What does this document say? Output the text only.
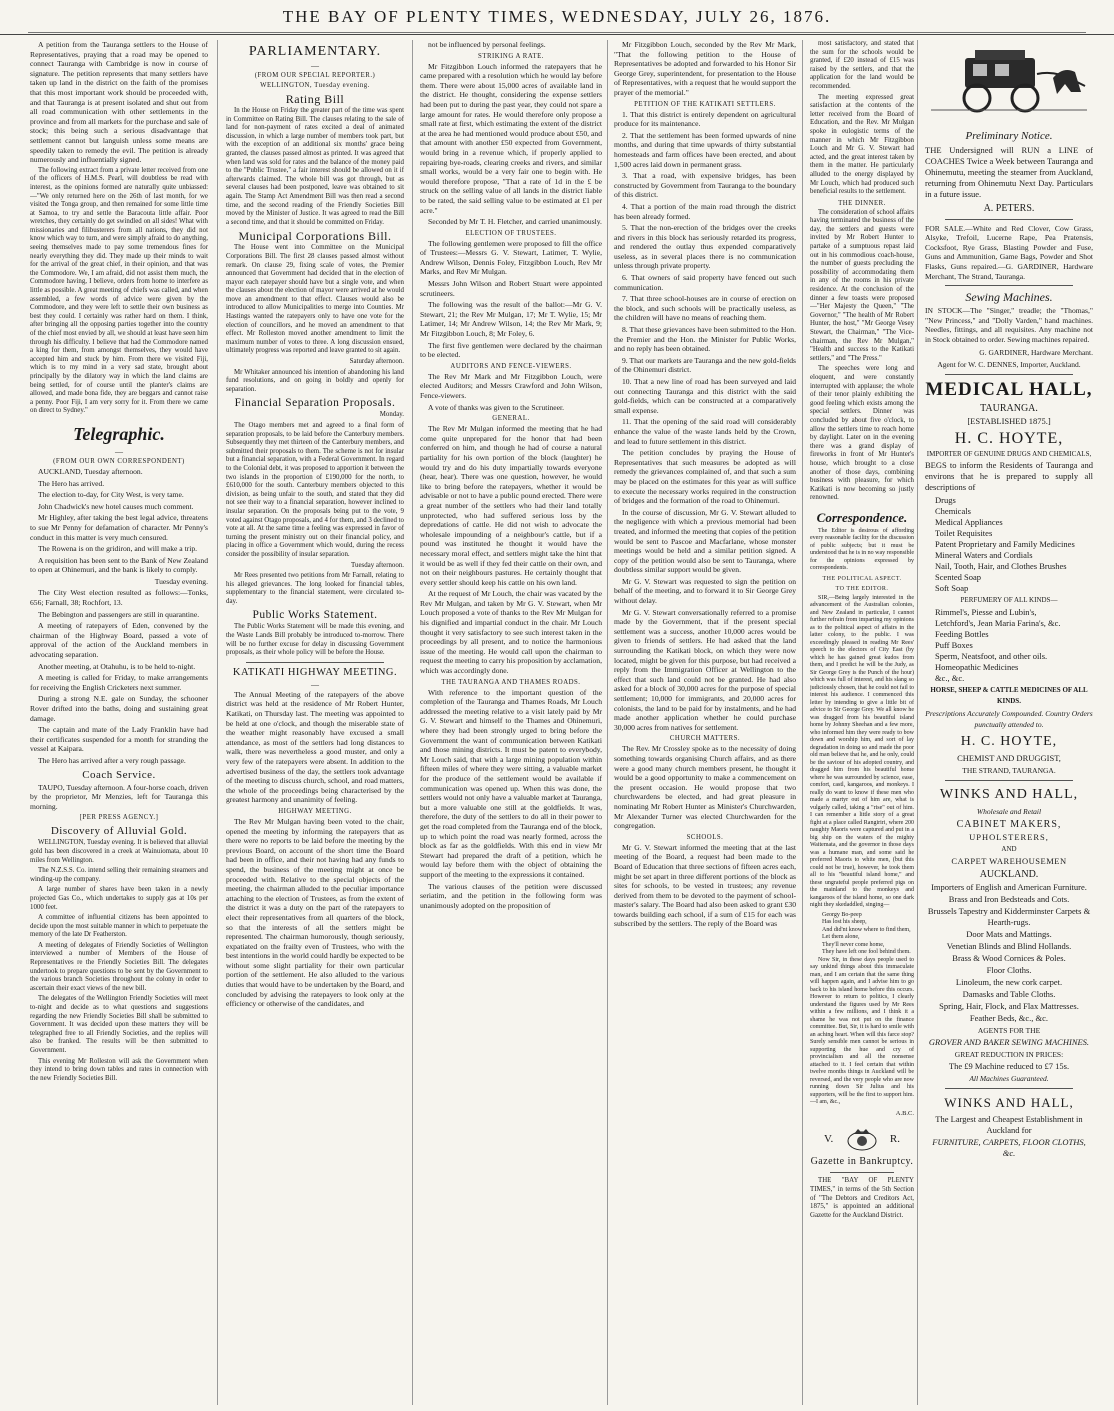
THE BAY OF PLENTY TIMES, WEDNESDAY, JULY 26, 1876.

A petition from the Tauranga settlers to the House of Representatives, praying that a road may be opened to connect Tauranga with Cambridge is now in course of signature. The petition represents that many settlers have taken up land in the district on the faith of the promises that this most important work should be proceeded with, and that Tauranga is at present isolated and shut out from all road communication with other settlements in the province and from all markets for the purchase and sale of stock; this being such a serious disadvantage that settlement cannot but languish unless some means are speedily taken to remedy the evil. The petition is already numerously and influentially signed.

The following extract from a private letter received from one of the officers of H.M.S. Pearl, will doubtless be read with interest, as the opinions formed are naturally quite unbiassed:—"We only returned here on the 26th of last month, for we visited the Tonga group, and then remained for some little time at Samoa, to try and settle the Baracouta little affair. Poor wretches, they certainly do get swindled on all sides! What with missionaries and filibusterers from all nations, they did not know which way to turn, and were simply afraid to do anything, seeing themselves made to pay some tremendous fines for nearly everything they did. They made up their minds to wait for the arrival of the great chief, in their opinion, and that was the Commodore. We, I am afraid, did not assist them much, the Commodore having, I believe, orders from home to interfere as little as possible. A great meeting of chiefs was called, and when assembled, a few words of advice were given by the Commodore, and they were left to settle their own business as best they could. I certainly was rather hard on them. I think, after bringing all the opposing parties together into the country of the chief most envied by all, we should at least have seen him through his difficulty. I believe that had the Commodore named a king for them, from amongst themselves, they would have accepted him and stuck by him. From there we visited Fiji, which is to my mind in a very sad state, brought about principally by the dilatory way in which the land claims are being settled, for of course until the planter's claims are allowed, and made bona fide, they are beggars and cannot raise a penny. Poor Fiji, I am very sorry for it. From there we came on direct to Sydney."

Telegraphic.
—
(FROM OUR OWN CORRESPONDENT)

AUCKLAND, Tuesday afternoon.

The Hero has arrived.

The election to-day, for City West, is very tame.

John Chadwick's new hotel causes much comment.

Mr Highley, after taking the best legal advice, threatens to sue Mr Penny for defamation of character. Mr Penny's conduct in this matter is very much censured.

The Rowena is on the gridiron, and will make a trip.

A requisition has been sent to the Bank of New Zealand to open at Ohinemuri, and the bank is likely to comply.

Tuesday evening.

The City West election resulted as follows:—Tonks, 656; Farnall, 38; Rochfort, 13.

The Bebington and passengers are still in quarantine.

A meeting of ratepayers of Eden, convened by the chairman of the Highway Board, passed a vote of approval of the action of the Auckland members in advocating separation.

Another meeting, at Otahuhu, is to be held to-night.

A meeting is called for Friday, to make arrangements for receiving the English Cricketers next summer.

During a strong N.E. gale on Sunday, the schooner Rover drifted into the baths, doing and sustaining great damage.

The captain and mate of the Lady Franklin have had their certificates suspended for a month for stranding the vessel at Kaipara.

The Hero has arrived after a very rough passage.

Coach Service.

TAUPO, Tuesday afternoon. A four-horse coach, driven by the proprietor, Mr Menzies, left for Tauranga this morning.

[PER PRESS AGENCY.]
Discovery of Alluvial Gold.

WELLINGTON, Tuesday evening. It is believed that alluvial gold has been discovered in a creek at Wainuiomata, about 10 miles from Wellington.

The N.Z.S.S. Co. intend selling their remaining steamers and winding-up the company.

A large number of shares have been taken in a newly projected Gas Co., which undertakes to supply gas at 10s per 1000 feet.

A committee of influential citizens has been appointed to decide upon the most suitable manner in which to perpetuate the memory of the late Dr Featherston.

A meeting of delegates of Friendly Societies of Wellington interviewed a number of Members of the House of Representatives re the Friendly Societies Bill. The delegates undertook to prepare questions to be sent by the Government to the various branch Societies throughout the colony in order to ascertain their exact views of the new bill.

The delegates of the Wellington Friendly Societies will meet to-night and decide as to what questions and suggestions regarding the new Friendly Societies Bill shall be submitted to Government. It was decided upon these matters they will be telegraphed free to all Friendly Societies, and the replies will also be franked. The results will be then submitted to Government.

This evening Mr Rolleston will ask the Government when they intend to bring down tables and rates in connection with the new Friendly Societies Bill.

PARLIAMENTARY.
—
(FROM OUR SPECIAL REPORTER.)
WELLINGTON, Tuesday evening.
Rating Bill

In the House on Friday the greater part of the time was spent in Committee on Rating Bill. The clauses relating to the sale of land for non-payment of rates excited a deal of animated discussion, in which a large number of members took part, but with the exception of an additional six months' grace being granted, the clauses passed almost as printed. It was agreed that when land was sold for rates and the balance of the money paid to the "Public Trustee," a fair interest should be allowed on it if afterwards claimed. The whole bill was got through, but as several clauses had been postponed, leave was obtained to sit again. The Stamp Act Amendment Bill was then read a second time, and the second reading of the Friendly Societies Bill moved by the Minister of Justice. It was agreed to read the Bill a second time, and that it should be committed on Friday.

Municipal Corporations Bill.

The House went into Committee on the Municipal Corporations Bill. The first 28 clauses passed almost without remark. On clause 29, fixing scale of votes, the Premier announced that Government had decided that in the election of mayor each ratepayer should have but a single vote, and when the clauses about the election of mayor were arrived at he would move an amendment to that effect. Clauses would also be introduced to allow Municipalities to merge into Counties. Mr Hastings wanted the ratepayers only to have one vote for the election of councillors, and he moved an amendment to that effect. Mr Rolleston moved another amendment to limit the maximum number of votes to three. A long discussion ensued, ultimately progress was reported and leave granted to sit again.

Saturday afternoon.

Mr Whitaker announced his intention of abandoning his land fund resolutions, and on going in boldly and openly for separation.

Financial Separation Proposals.

Monday.

The Otago members met and agreed to a final form of separation proposals, to be laid before the Canterbury members. Subsequently they met thirteen of the Canterbury members, and submitted their proposals to them. The scheme is not for insular but a financial separation, with a Federal Government. In regard to the Colonial debt, it was proposed to apportion it between the two islands in the proportion of £190,000 for the north, to £610,000 for the south. Canterbury members objected to this division, as being unfair to the south, and stated that they did not see their way to a financial separation, however inclined to insular separation. On the proposals being put to the vote, 9 voted against Otago proposals, and 4 for them, and 3 declined to vote at all. At the same time a feeling was expressed in favor of turning the present ministry out on their financial policy, and placing in office a Government which would, during the recess consider the possibility of insular separation.

Tuesday afternoon.

Mr Rees presented two petitions from Mr Farnall, relating to his alleged grievances. The long looked for financial tables, supplementary to the financial statement, were circulated to-day.

Public Works Statement.

The Public Works Statement will be made this evening, and the Waste Lands Bill probably be introduced to-morrow. There will be no further excuse for delay in discussing Government proposals, as their whole policy will be before the House.

KATIKATI HIGHWAY MEETING.
—

The Annual Meeting of the ratepayers of the above district was held at the residence of Mr Robert Hunter, Katikati, on Thursday last. The meeting was appointed to be held at one o'clock, and though the miserable state of the weather might reasonably have excused a small attendance, as most of the settlers had long distances to walk, there was nevertheless a good muster, and only a very few of the ratepayers were absent. In addition to the advertised business of the day, the settlers took advantage of the meeting to discuss church, school, and road matters, the whole of the proceedings being characterised by the greatest harmony and unanimity of feeling.

HIGHWAY MEETING.

The Rev Mr Mulgan having been voted to the chair, opened the meeting by informing the ratepayers that as there were no reports to be laid before the meeting by the previous Board, on account of the short time the Board had been in office, and their not having had any funds to spend, the business of the meeting might at once be proceeded with. Relative to the special objects of the meeting, the chairman alluded to the peculiar importance attaching to the election of Trustees, as from the extent of the district it was a duty on the part of the ratepayers to elect their representatives from all quarters of the block, so that the interests of all the settlers might be represented. The chairman humorously, though seriously, expatiated on the frailty even of Trustees, who with the best intentions in the world could hardly be expected to be without some slight partiality for their own particular portion of the settlement. He also alluded to the various duties that would have to be undertaken by the Board, and concluded by advising the ratepayers to look only at the efficiency or otherwise of the candidates, and

not be influenced by personal feelings.

STRIKING A RATE.

Mr Fitzgibbon Louch informed the ratepayers that he came prepared with a resolution which he would lay before them. There were about 15,000 acres of available land in the district. He thought, considering the expense settlers had been put to during the past year, they could not spare a large amount for rates. He would therefore only propose a small rate at first, which estimating the extent of the district at the area he had mentioned would produce about £50, and that amount with another £50 expected from Government, would bring in a revenue which, if properly applied to repairing bye-roads, clearing creeks and rivers, and similar small works, would be a very fair one to begin with. He would therefore propose, "That a rate of 1d in the £ be struck on the selling value of all lands in the district liable to be rated, the said selling value to be estimated at £1 per acre."

Seconded by Mr T. H. Fletcher, and carried unanimously.

ELECTION OF TRUSTEES.

The following gentlemen were proposed to fill the office of Trustees:—Messrs G. V. Stewart, Latimer, T. Wylie, Andrew Wilson, Dennis Foley, Fitzgibbon Louch, Rev Mr Marks, and Rev Mr Mulgan.

Messrs John Wilson and Robert Stuart were appointed scrutineers.

The following was the result of the ballot:—Mr G. V. Stewart, 21; the Rev Mr Mulgan, 17; Mr T. Wylie, 15; Mr Latimer, 14; Mr Andrew Wilson, 14; the Rev Mr Mark, 9; Mr Fitzgibbon Louch, 8; Mr Foley, 6.

The first five gentlemen were declared by the chairman to be elected.

AUDITORS AND FENCE-VIEWERS.

The Rev Mr Mark and Mr Fitzgibbon Louch, were elected Auditors; and Messrs Crawford and John Wilson, Fence-viewers.

A vote of thanks was given to the Scrutineer.

GENERAL.

The Rev Mr Mulgan informed the meeting that he had come quite unprepared for the honor that had been conferred on him, and though he had of course a natural partiality for his own portion of the block (laughter) he would try and do his duty impartially towards everyone (hear, hear). There was one question, however, he would like to bring before the ratepayers, whether it would be advisable or not to have a public pound erected. There were a great number of the settlers who had their land totally unprotected, who had suffered serious loss by the depredations of cattle. He did not wish to advocate the wholesale impounding of a neighbour's cattle, but if a pound was instituted he thought it would have the necessary moral effect, and settlers might take the hint that it would be as well if they fed their cattle on their own, and not on their neighbours pastures. He certainly thought that every settler should keep his cattle on his own land.

At the request of Mr Louch, the chair was vacated by the Rev Mr Mulgan, and taken by Mr G. V. Stewart, when Mr Louch proposed a vote of thanks to the Rev Mr Mulgan for his dignified and impartial conduct in the chair. Mr Louch thought it very satisfactory to see such interest taken in the proceedings by all present, and to notice the harmonious issue of the meeting. He would call upon the chairman to request the meeting to carry his proposition by acclamation, which was accordingly done.

THE TAURANGA AND THAMES ROADS.

With reference to the important question of the completion of the Tauranga and Thames Roads, Mr Louch addressed the meeting relative to a visit lately paid by Mr G. V. Stewart and himself to the Thames and Ohinemuri, where they had been strongly urged to bring before the Government the want of communication between Katikati and those mining districts. It must be patent to everybody, Mr Louch said, that with a large mining population within fifteen miles of where they were sitting, a valuable market for the produce of the settlement would be available if communication was opened up. When this was done, the settlers would not only have a valuable market at Tauranga, but a more valuable one still at the goldfields. It was, therefore, the duty of the settlers to do all in their power to get the road completed from the Tauranga end of the block, up to which point the road was nearly formed, across the block as far as the goldfields. With this end in view Mr Stewart had prepared the draft of a petition, which he would lay before them with the object of obtaining the support of the meeting to the expressions it contained.

The various clauses of the petition were discussed seriatim, and the petition in the following form was unanimously adopted on the proposition of

Mr Fitzgibbon Louch, seconded by the Rev Mr Mark, "That the following petition to the House of Representatives be adopted and forwarded to his Honor Sir George Grey, superintendent, for presentation to the House of Representatives, with a request that he would support the prayer of the memorial."

PETITION OF THE KATIKATI SETTLERS.

1. That this district is entirely dependent on agricultural produce for its maintenance.

2. That the settlement has been formed upwards of nine months, and during that time upwards of thirty substantial homesteads and farm offices have been erected, and about 1,500 acres laid down in permanent grass.

3. That a road, with expensive bridges, has been constructed by Government from Tauranga to the boundary of this district.

4. That a portion of the main road through the district has been already formed.

5. That the non-erection of the bridges over the creeks and rivers in this block has seriously retarded its progress, and rendered the outlay thus expended comparatively useless, as in several places there is no communication unless through private property.

6. That owners of said property have fenced out such communication.

7. That three school-houses are in course of erection on the block, and such schools will be practically useless, as the children will have no means of reaching them.

8. That these grievances have been submitted to the Hon. the Premier and the Hon. the Minister for Public Works, and no reply has been obtained.

9. That our markets are Tauranga and the new gold-fields of the Ohinemuri district.

10. That a new line of road has been surveyed and laid out connecting Tauranga and this district with the said gold-fields, which can be constructed at a comparatively small expense.

11. That the opening of the said road will considerably enhance the value of the waste lands held by the Crown, and lead to future settlement in this district.

The petition concludes by praying the House of Representatives that such measures be adopted as will remedy the grievances complained of, and that such a sum may be placed on the estimates for this year as will suffice to execute the necessary works required in the construction of bridges and the formation of the road to Ohinemuri.

In the course of discussion, Mr G. V. Stewart alluded to the negligence with which a previous memorial had been treated, and informed the meeting that copies of the petition would be sent to Pascoe and Macfarlane, whose monster meetings would be held and a similar petition signed. A copy of the petition would also be sent to Tauranga, where doubtless similar support would be given.

Mr G. V. Stewart was requested to sign the petition on behalf of the meeting, and to forward it to Sir George Grey without delay.

Mr G. V. Stewart conversationally referred to a promise made by the Government, that if the present special settlement was a success, another 10,000 acres would be given to friends of settlers. He had asked that the land surrounding the Katikati block, on which they were now located, might be given for this purpose, but had received a reply from the Immigration Officer at Wellington to the effect that such land could not be granted. He had also asked for a block of 30,000 acres for the purpose of special settlement; 10,000 for immigrants, and 20,000 acres for colonists, the land to be paid for by instalments, and he had made another application whether he could purchase 30,000 acres from natives for settlement.

CHURCH MATTERS.

The Rev. Mr Crossley spoke as to the necessity of doing something towards organising Church affairs, and as there were a good many church members present, he thought it would be a good opportunity to make a commencement on the present occasion. He would propose that two churchwardens be elected, and had great pleasure in nominating Mr Robert Hunter as Minister's Churchwarden, Mr Alexander Turner was elected Churchwarden for the congregation.

SCHOOLS.

Mr G. V. Stewart informed the meeting that at the last meeting of the Board, a request had been made to the Board of Education that three sections of fifteen acres each, might be set apart in three different portions of the block as sites for schools, to be vested in trustees; any revenue derived from them to be devoted to the payment of school-master's salary. The Board had also been asked to grant £30 towards building each school, if a sum of £15 for each was subscribed by the settlers. The reply of the Board was

most satisfactory, and stated that the sum for the schools would be granted, if £20 instead of £15 was raised by the settlers, and that the application for the land would be recommended.

The meeting expressed great satisfaction at the contents of the letter received from the Board of Education, and the Rev. Mr Mulgan spoke in eulogistic terms of the manner in which Mr Fitzgibbon Louch and Mr G. V. Stewart had acted, and the great interest taken by them in the matter. He particularly alluded to the energy displayed by Mr Louch, which had produced such beneficial results to the settlement.

THE DINNER.

The consideration of school affairs having terminated the business of the day, the settlers and guests were invited by Mr Robert Hunter to partake of a sumptuous repast laid out in his commodious coach-house, the number of guests precluding the possibility of accommodating them in any of the rooms in his private residence. At the conclusion of the dinner a few toasts were proposed—"Her Majesty the Queen," "The Governor," "The health of Mr Robert Hunter, the host," "Mr George Vesey Stewart, the Chairman," "The Vice-chairman, the Rev Mr Mulgan," "Health and success to the Katikati settlers," and "The Press."

The speeches were long and eloquent, and were constantly interrupted with applause; the whole of their tenor plainly exhibiting the good feeling which exists among the special settlers. Dinner was concluded by about five o'clock, to allow the settlers time to reach home by daylight. Later on in the evening there was a grand display of fireworks in front of Mr Hunter's house, which brought to a close another of those days, combining business with pleasure, for which Katikati is now becoming so justly renowned.

Correspondence.

The Editor is desirous of affording every reasonable facility for the discussion of public subjects; but it must be understood that he is in no way responsible for the opinions expressed by correspondents.

THE POLITICAL ASPECT.
TO THE EDITOR.

SIR,—Being largely interested in the advancement of the Australian colonies, and New Zealand in particular, I cannot further refrain from imparting my opinions as to the political aspect of affairs in the latter colony, to the public. I was exceedingly pleased in reading Mr Rees' speech to the electors of City East (by which he has gained great kudos from them, and I predict he will be the Judy, as Sir George Grey is the Punch of the hour) which was full of interest, and his slang so judiciously chosen, that he could not fail to interest his audience. I commenced this letter by intending to give a little bit of advice to Sir George Grey. We all know he was dragged from his beautiful island home by Johnny Sheehan and a few more, who informed him they were ready to bow down and worship him, and sort of lay degradation in doing so and made the poor old man believe that he, and he only, could be the saviour of his adopted country, and dragged him from his beautiful home where he was surrounded by science, ease, comfort, castl, kangaroos, and monkeys. I really do want to know if these men who made a martyr out of him are, what is vulgarly called, taking a "rise" out of him. I can remember a little story of a great fight at a place called Rangiriri, where 200 naughty Maoris were captured and put in a big ship on the waters of the mighty Waitemata, and the governor in those days was a humane man, and some said he preferred Maoris to white men, (but this could not be true), however, he took them all to his "beautiful island home," and these ungrateful people preferred pigs on the mainland to the monkeys and kangaroos of the island home, so one dark night they skedaddled, singing—

Georgy Bo-peep
Has lost his sheep,
And did'nt know where to find them,
Let them alone,
They'll never come home,
They have left one fool behind them.

Now Sir, in these days people used to say unkind things about this immaculate man, and I am certain that the same thing will happen again, and I advise him to go back to his island home before this occurs. However to return to politics, I clearly understand the figures used by Mr Rees within a few millions, and I think it a shame he was not put on the finance committee. But, Sir, it is hard to smile with an aching heart. When will this farce stop? Surely sensible men cannot be serious in supporting the hue and cry of provincialism and all the nonsense attached to it. I feel certain that within twelve months things in Auckland will be reversed, and the very people who are now running down Sir Julius and his supporters, will be the first to support him.—I am, &c.,

A.B.C.
V.	R.
Gazette in Bankruptcy.

THE "BAY OF PLENTY TIMES," in terms of the 5th Section of "The Debtors and Creditors Act, 1875," is appointed an additional Gazette for the Auckland District.

Preliminary Notice.

THE Undersigned will RUN a LINE of COACHES Twice a Week between Tauranga and Ohinemutu, meeting the steamer from Auckland, returning from Ohinemutu Next Day. Particulars in a future issue.

A. PETERS.

FOR SALE.—White and Red Clover, Cow Grass, Alsyke, Trefoil, Lucerne Rape, Pea Pratensis, Cocksfoot, Rye Grass, Blasting Powder and Fuse, Guns and Ammunition, Game Bags, Powder and Shot Flasks, Guns repaired.—G. GARDINER, Hardware Merchant, The Strand, Tauranga.

Sewing Machines.

IN STOCK—The "Singer," treadle; the "Thomas," "New Princess," and "Dolly Varden," hand machines. Needles, fittings, and all requisites. Any machine not in Stock obtained to order. Sewing machines repaired.

G. GARDINER, Hardware Merchant.
Agent for W. C. DENNES, Importer, Auckland.
MEDICAL HALL,
TAURANGA.
[ESTABLISHED 1875.]
H. C. HOYTE,
IMPORTER OF GENUINE DRUGS AND CHEMICALS,

BEGS to inform the Residents of Tauranga and environs that he is prepared to supply all descriptions of

Drugs
Chemicals
Medical Appliances
Toilet Requisites
Patent Proprietary and Family Medicines
Mineral Waters and Cordials
Nail, Tooth, Hair, and Clothes Brushes
Scented Soap
Soft Soap
PERFUMERY OF ALL KINDS—
Rimmel's, Piesse and Lubin's,
Letchford's, Jean Maria Farina's, &c.
Feeding Bottles
Puff Boxes
Sperm, Neatsfoot, and other oils.
Homeopathic Medicines
&c., &c.
HORSE, SHEEP & CATTLE MEDICINES OF ALL KINDS.
Prescriptions Accurately Compounded. Country Orders punctually attended to.
H. C. HOYTE,
CHEMIST AND DRUGGIST,
THE STRAND, TAURANGA.
WINKS AND HALL,
Wholesale and Retail
CABINET MAKERS,
UPHOLSTERERS,
AND
CARPET WAREHOUSEMEN
AUCKLAND.
Importers of English and American Furniture.
Brass and Iron Bedsteads and Cots.
Brussels Tapestry and Kidderminster Carpets & Hearth-rugs.
Door Mats and Mattings.
Venetian Blinds and Blind Hollands.
Brass & Wood Cornices & Poles.
Floor Cloths.
Linoleum, the new cork carpet.
Damasks and Table Cloths.
Spring, Hair, Flock, and Flax Mattresses.
Feather Beds, &c., &c.
AGENTS FOR THE
GROVER AND BAKER SEWING MACHINES.
GREAT REDUCTION IN PRICES:
The £9 Machine reduced to £7 15s.
All Machines Guaranteed.
WINKS AND HALL,
The Largest and Cheapest Establishment in Auckland for
FURNITURE, CARPETS, FLOOR CLOTHS, &c.
